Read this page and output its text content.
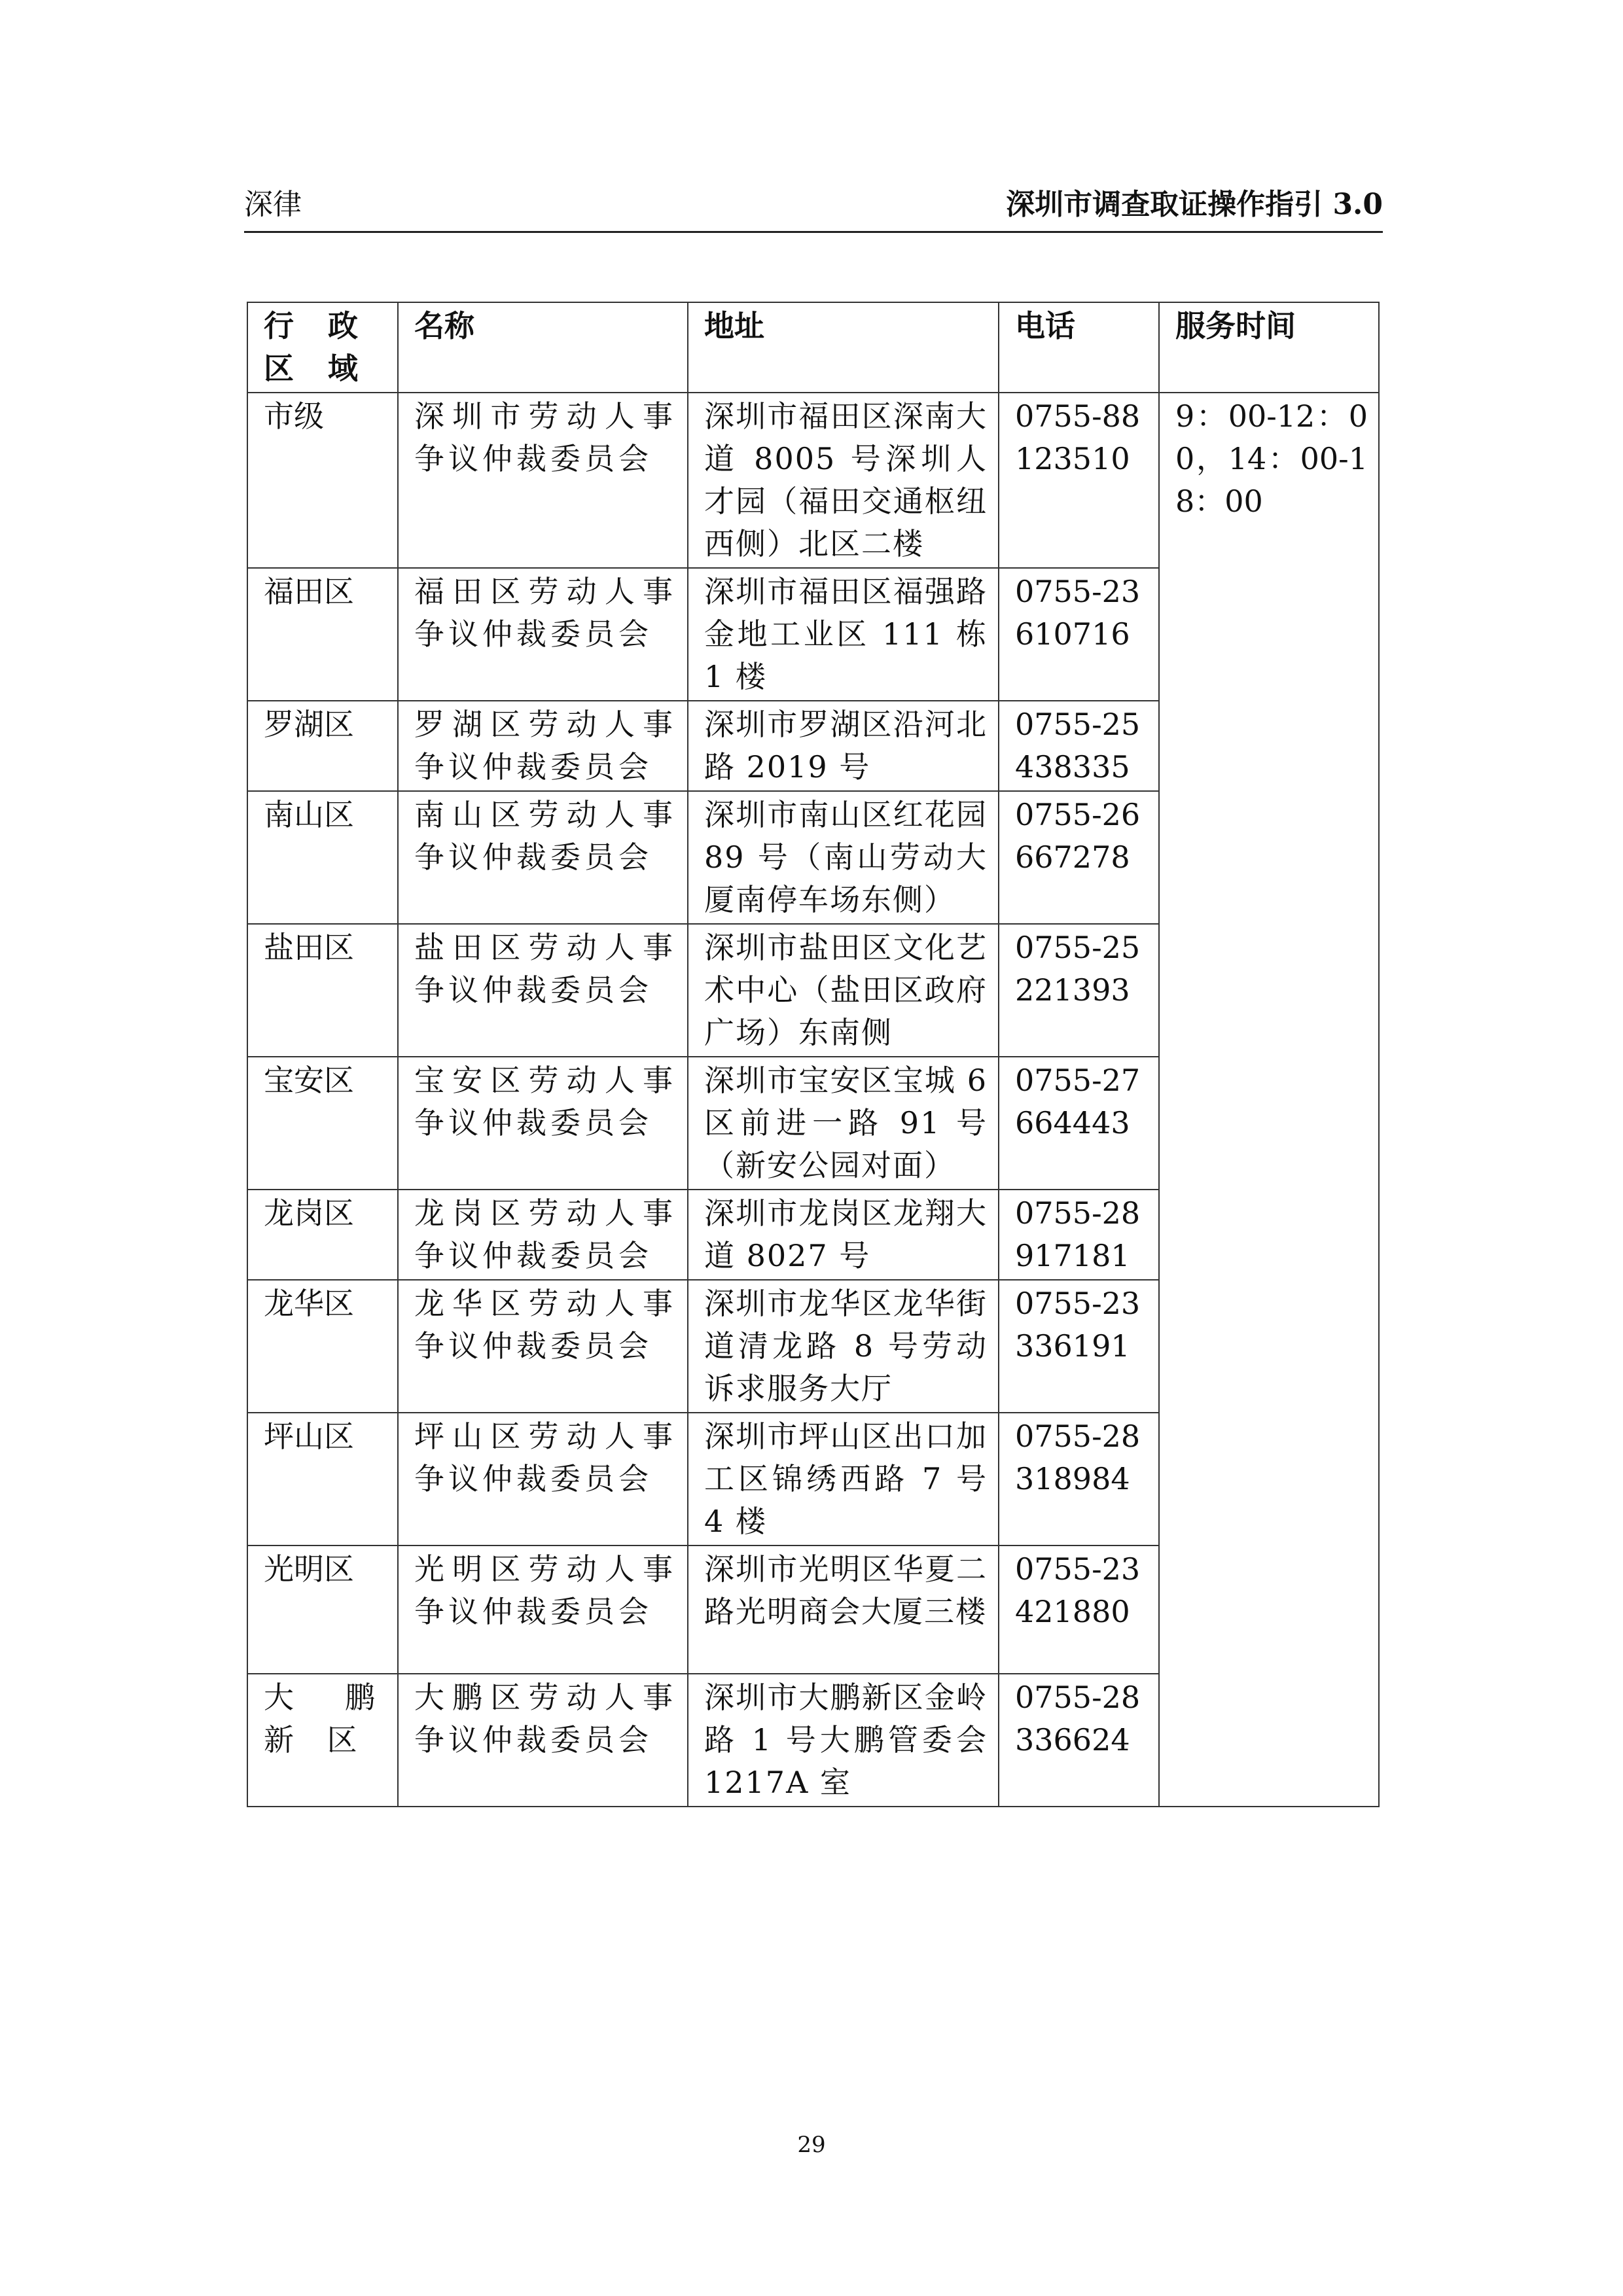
深律	深圳市调查取证操作指引 3.0
行 政 区 域	名称	地址	电话	服务时间
市级	深圳市劳动人事争议仲裁委员会	深圳市福田区深南大道 8005 号深圳人才园（福田交通枢纽西侧）北区二楼	0755-88123510	9：00-12：00，14：00-18：00
福田区	福田区劳动人事争议仲裁委员会	深圳市福田区福强路金地工业区 111 栋 1 楼	0755-23610716	
罗湖区	罗湖区劳动人事争议仲裁委员会	深圳市罗湖区沿河北路 2019 号	0755-25438335	
南山区	南山区劳动人事争议仲裁委员会	深圳市南山区红花园 89 号（南山劳动大厦南停车场东侧）	0755-26667278	
盐田区	盐田区劳动人事争议仲裁委员会	深圳市盐田区文化艺术中心（盐田区政府广场）东南侧	0755-25221393	
宝安区	宝安区劳动人事争议仲裁委员会	深圳市宝安区宝城 6 区前进一路 91 号（新安公园对面）	0755-27664443	
龙岗区	龙岗区劳动人事争议仲裁委员会	深圳市龙岗区龙翔大道 8027 号	0755-28917181	
龙华区	龙华区劳动人事争议仲裁委员会	深圳市龙华区龙华街道清龙路 8 号劳动诉求服务大厅	0755-23336191	
坪山区	坪山区劳动人事争议仲裁委员会	深圳市坪山区出口加工区锦绣西路 7 号 4 楼	0755-28318984	
光明区	光明区劳动人事争议仲裁委员会	深圳市光明区华夏二路光明商会大厦三楼	0755-23421880	
大 鹏 新 区	大鹏区劳动人事争议仲裁委员会	深圳市大鹏新区金岭路 1 号大鹏管委会 1217A 室	0755-28336624	
29
